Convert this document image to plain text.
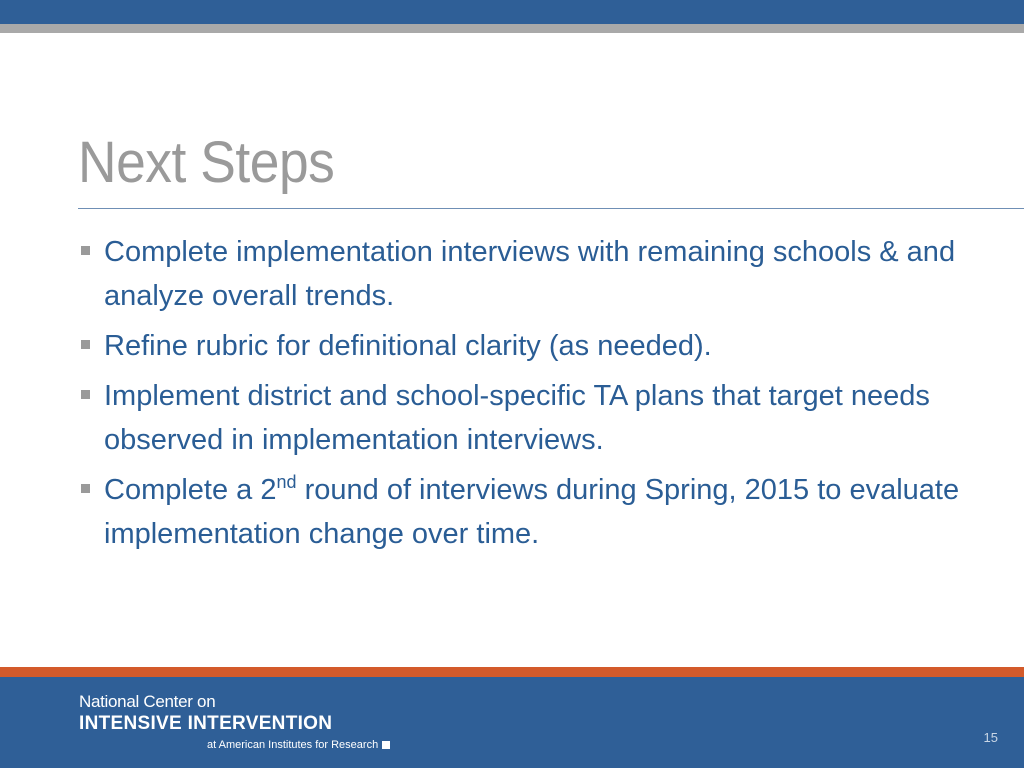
Next Steps
Complete implementation interviews with remaining schools & and analyze overall trends.
Refine rubric for definitional clarity (as needed).
Implement district and school-specific TA plans that target needs observed in implementation interviews.
Complete a 2nd round of interviews during Spring, 2015 to evaluate implementation change over time.
National Center on
INTENSIVE INTERVENTION
at American Institutes for Research	15
